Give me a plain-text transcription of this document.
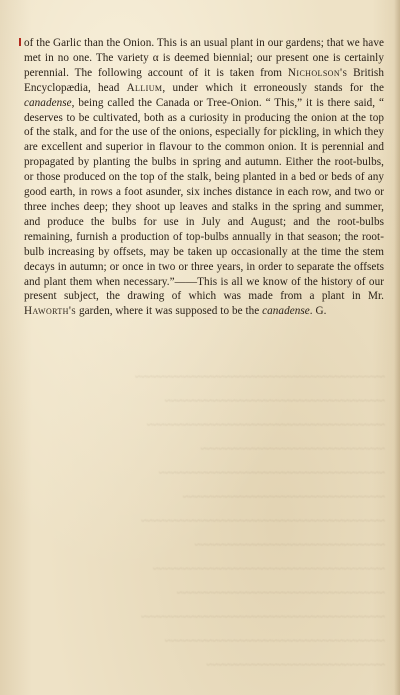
~~~~~~~~~~~~~~~~~~~~~~~~~~~~~~~~~~~~~~~~~~
~~~~~~~~~~~~~~~~~~~~~~~~~~~~~~~~~~~~~
~~~~~~~~~~~~~~~~~~~~~~~~~~~~~~~~~~~~~~~~
~~~~~~~~~~~~~~~~~~~~~~~~~~~~~~~
~~~~~~~~~~~~~~~~~~~~~~~~~~~~~~~~~~~~~~
~~~~~~~~~~~~~~~~~~~~~~~~~~~~~~~~~~
~~~~~~~~~~~~~~~~~~~~~~~~~~~~~~~~~~~~~~~~~
~~~~~~~~~~~~~~~~~~~~~~~~~~~~~~~~
~~~~~~~~~~~~~~~~~~~~~~~~~~~~~~~~~~~~~~~
~~~~~~~~~~~~~~~~~~~~~~~~~~~~~~~~~~~
~~~~~~~~~~~~~~~~~~~~~~~~~~~~~~~~~~~~~~~~~
~~~~~~~~~~~~~~~~~~~~~~~~~~~~~~~~~~~~~
~~~~~~~~~~~~~~~~~~~~~~~~~~~~~~

of the Garlic than the Onion. This is an usual plant in our gardens; that we have met in no one. The variety α is deemed biennial; our present one is certainly perennial. The following account of it is taken from Nicholson's British Encyclopædia, head Allium, under which it erroneously stands for the canadense, being called the Canada or Tree-Onion. “ This,” it is there said, “ deserves to be cultivated, both as a curiosity in producing the onion at the top of the stalk, and for the use of the onions, especially for pickling, in which they are excellent and superior in flavour to the common onion. It is perennial and propagated by planting the bulbs in spring and autumn. Either the root-bulbs, or those produced on the top of the stalk, being planted in a bed or beds of any good earth, in rows a foot asunder, six inches distance in each row, and two or three inches deep; they shoot up leaves and stalks in the spring and summer, and produce the bulbs for use in July and August; and the root-bulbs remaining, furnish a production of top-bulbs annually in that season; the root-bulb increasing by offsets, may be taken up occasionally at the time the stem decays in autumn; or once in two or three years, in order to separate the offsets and plant them when necessary.”——This is all we know of the history of our present subject, the drawing of which was made from a plant in Mr. Haworth's garden, where it was supposed to be the canadense. G.
